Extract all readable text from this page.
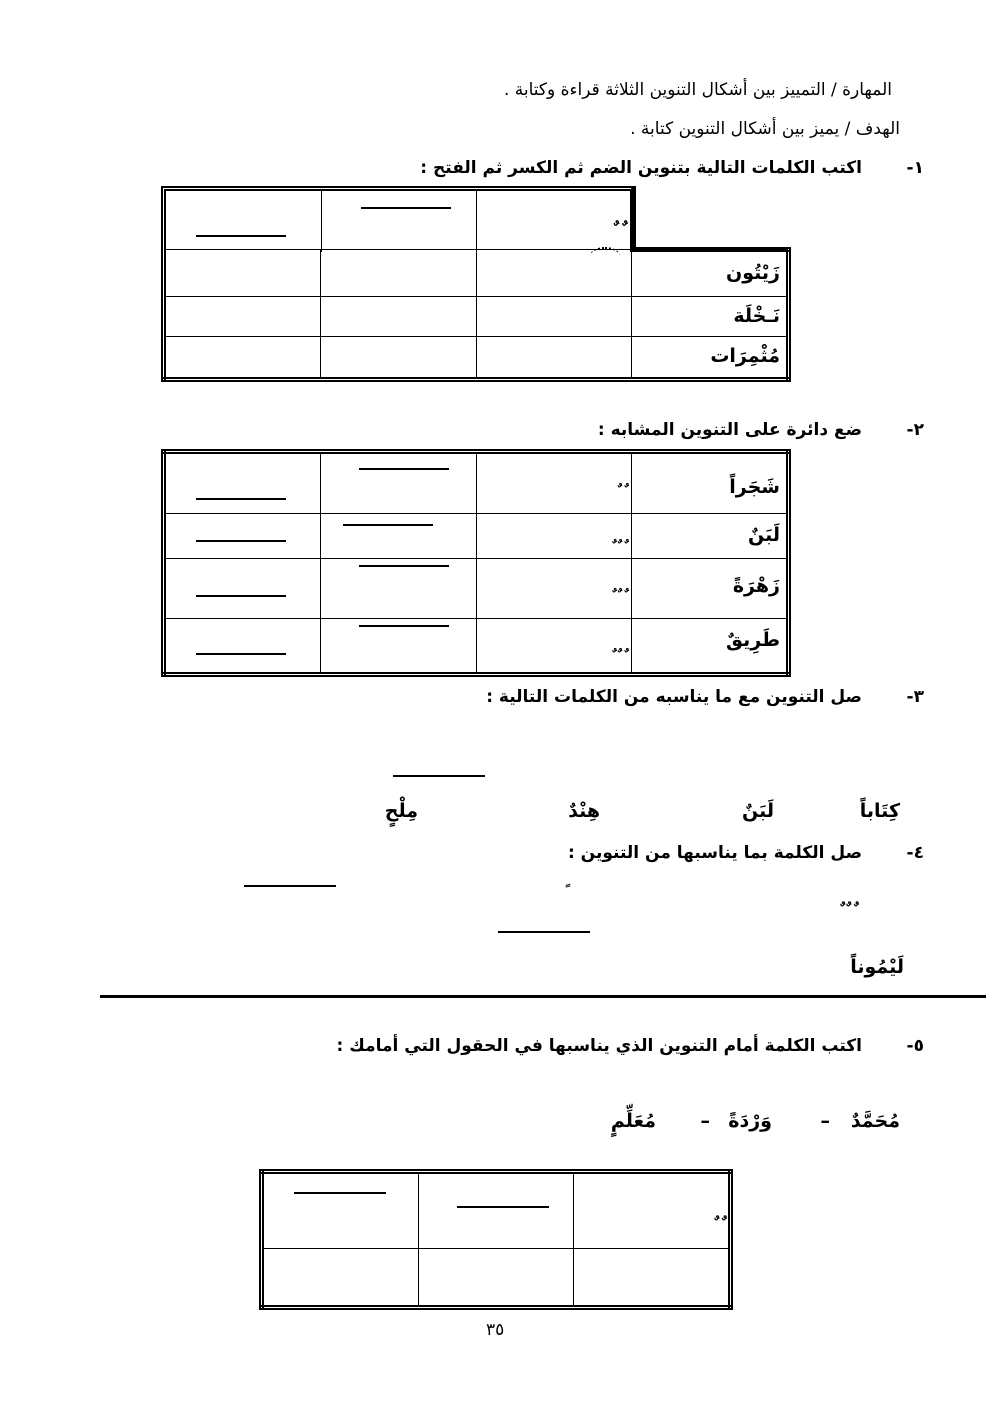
المهارة / التمييز بين أشكال التنوين الثلاثة قراءة وكتابة .
الهدف / يميز بين أشكال التنوين كتابة .
١-
اكتب الكلمات التالية بتنوين الضم ثم الكسر ثم الفتح :
ٌ ٌ

			زَيْتُون

			نَـخْلَة

			مُثْمِرَات
٢-
ضع دائرة على التنوين المشابه :

		ٌ ٌ	شَجَراً

		ٌ ٌ ٌ	لَبَنٌ

		ٌ ٌ ٌ	زَهْرَةً

		ٌ ٌ ٌ	طَرِيقٌ
٣-
صل التنوين مع ما يناسبه من الكلمات التالية :
كِتَاباً
لَبَنٌ
هِنْدٌ
مِلْحٍ
٤-
صل الكلمة بما يناسبها من التنوين :
ٌ ٌ ٌ
لَيْمُوناً
٥-
اكتب الكلمة أمام التنوين الذي يناسبها في الحقول التي أمامك :
مُحَمَّدٌ
–
وَرْدَةً
–
مُعَلِّمٍ

		ٌ ٌ

٣٥
